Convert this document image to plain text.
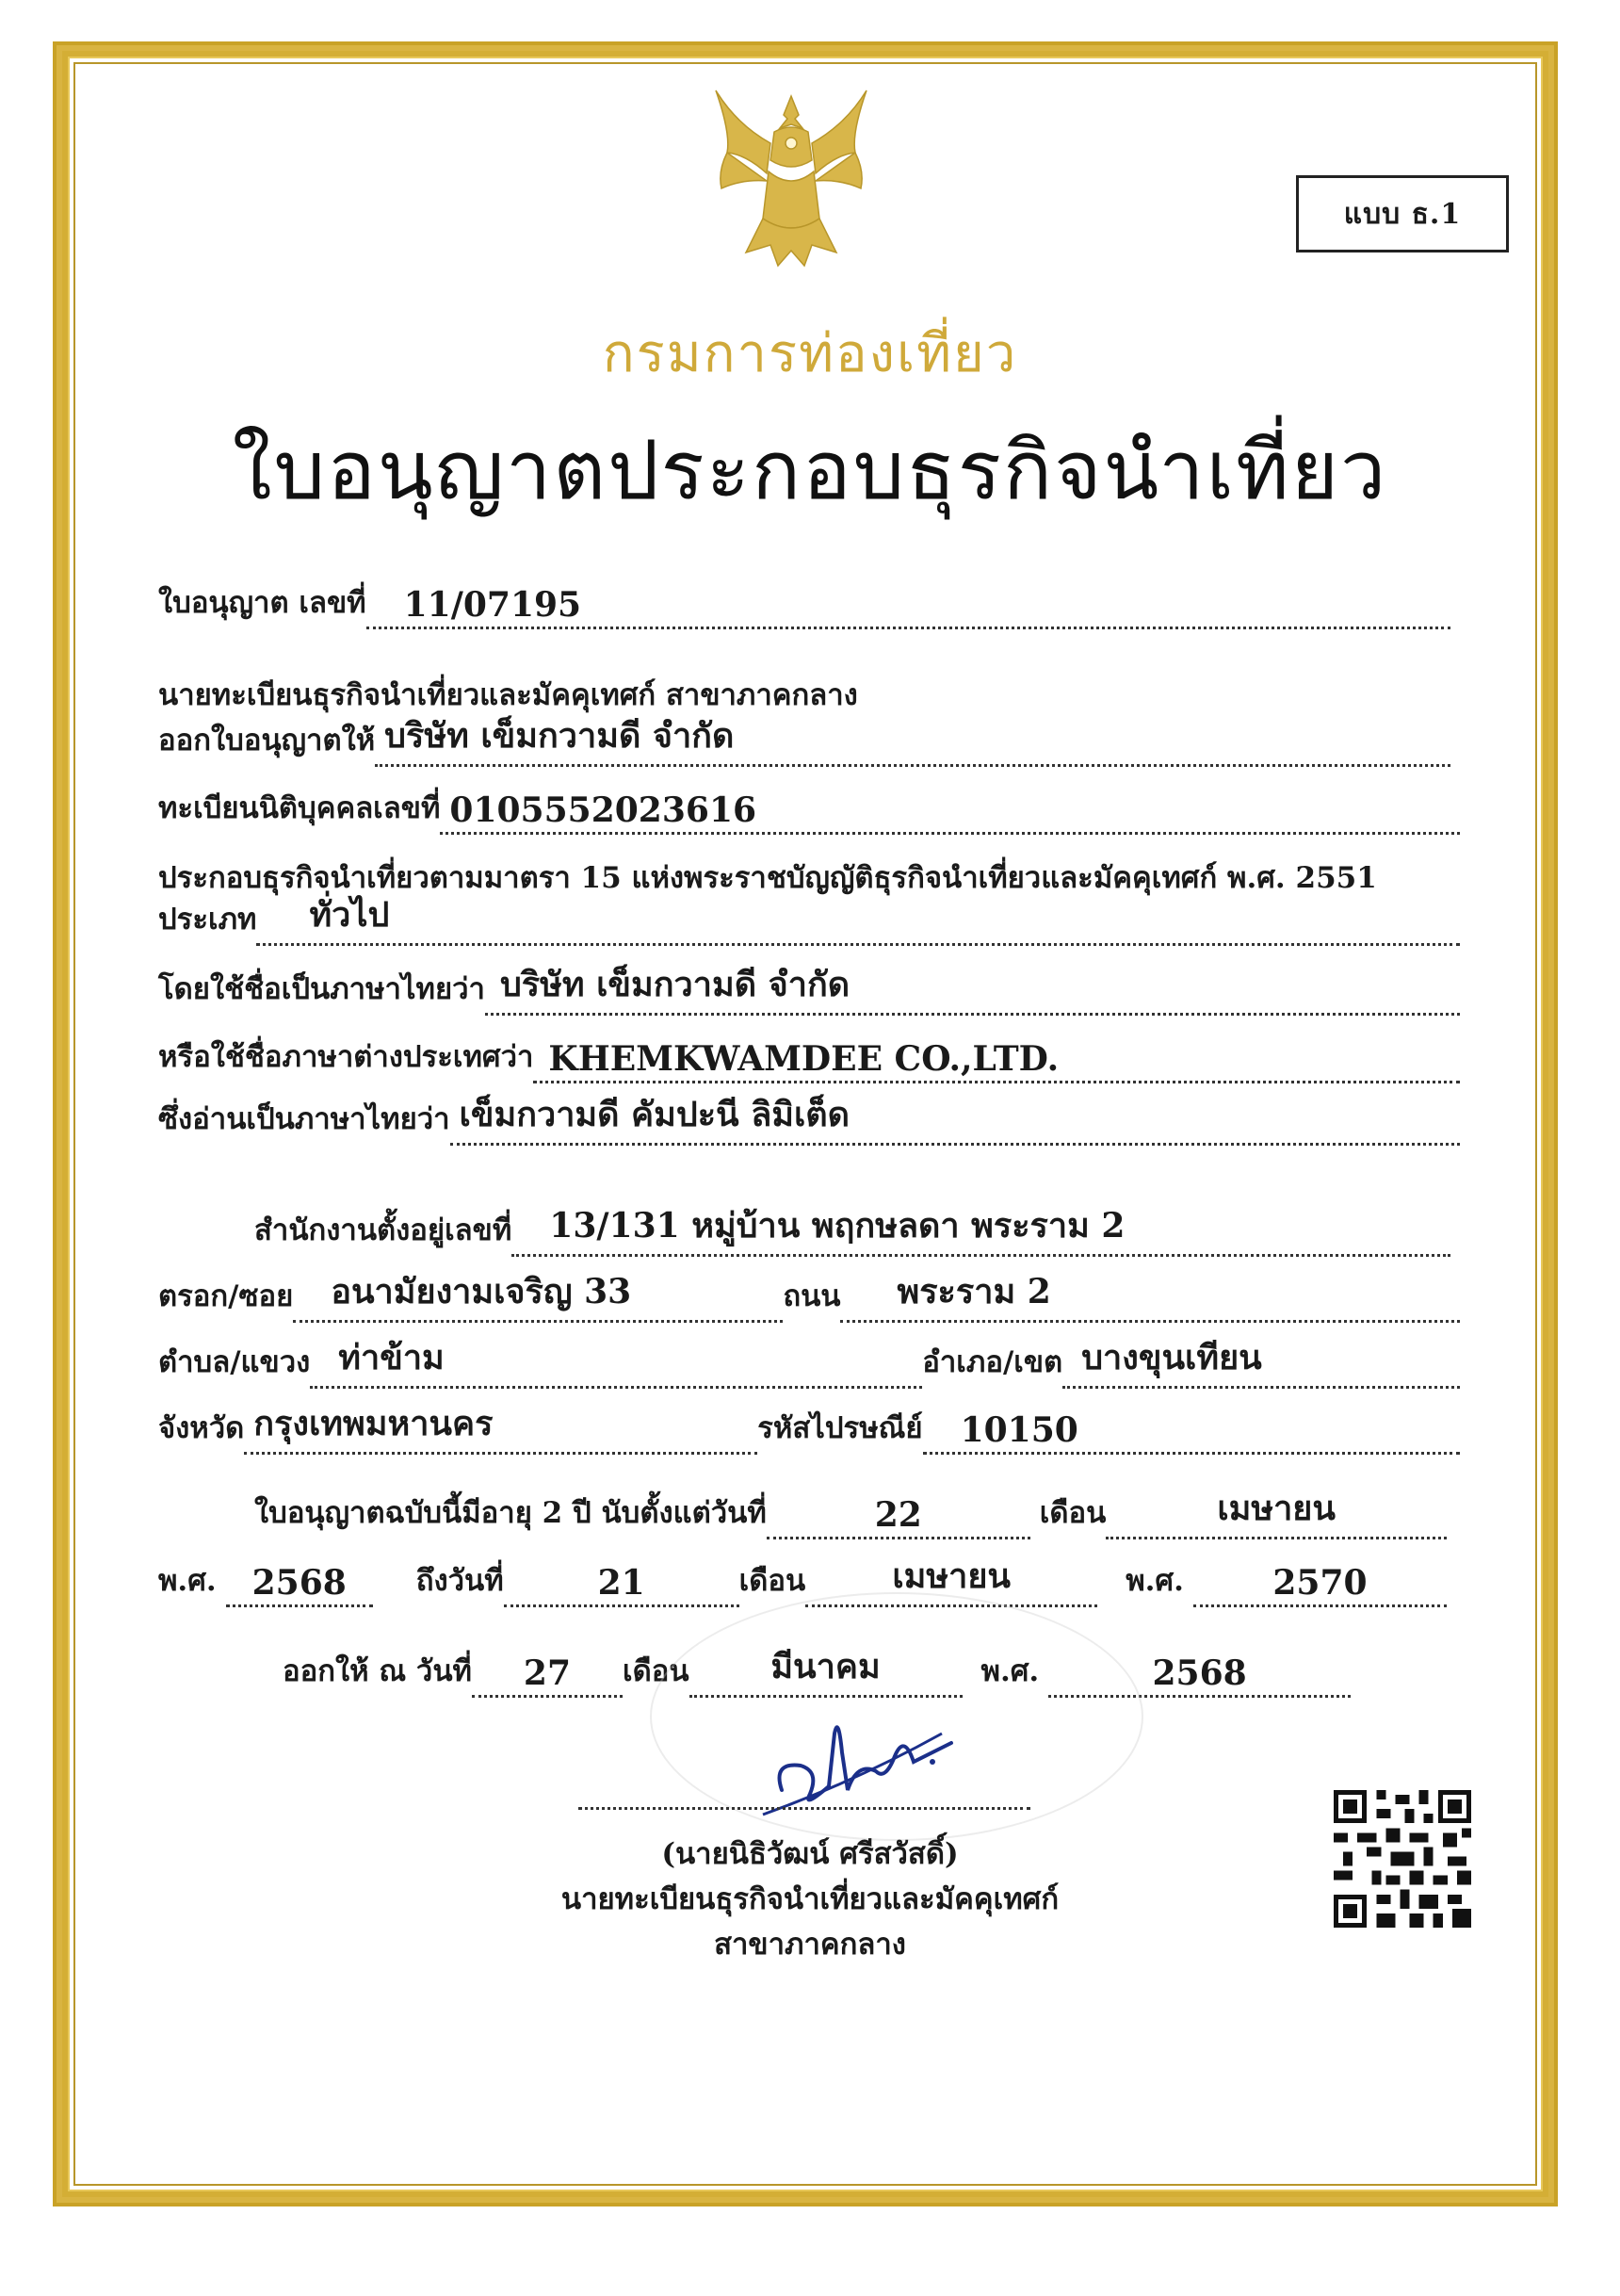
แบบ ธ.1
กรมการท่องเที่ยว
ใบอนุญาตประกอบธุรกิจนำเที่ยว
ใบอนุญาต เลขที่	11/07195
นายทะเบียนธุรกิจนำเที่ยวและมัคคุเทศก์ สาขาภาคกลาง
ออกใบอนุญาตให้ บริษัท เข็มกวามดี จำกัด
ทะเบียนนิติบุคคลเลขที่ 0105552023616
ประกอบธุรกิจนำเที่ยวตามมาตรา 15 แห่งพระราชบัญญัติธุรกิจนำเที่ยวและมัคคุเทศก์ พ.ศ. 2551
ประเภท	ทั่วไป
โดยใช้ชื่อเป็นภาษาไทยว่า บริษัท เข็มกวามดี จำกัด
หรือใช้ชื่อภาษาต่างประเทศว่า KHEMKWAMDEE CO.,LTD.
ซึ่งอ่านเป็นภาษาไทยว่า เข็มกวามดี คัมปะนี ลิมิเต็ด
สำนักงานตั้งอยู่เลขที่	13/131 หมู่บ้าน พฤกษลดา พระราม 2
ตรอก/ซอย	อนามัยงามเจริญ 33	ถนน	พระราม 2
ตำบล/แขวง ท่าข้าม	อำเภอ/เขต บางขุนเทียน
จังหวัด กรุงเทพมหานคร	รหัสไปรษณีย์	10150
ใบอนุญาตฉบับนี้มีอายุ 2 ปี นับตั้งแต่วันที่	22	เดือน	เมษายน
พ.ศ.	2568	ถึงวันที่	21	เดือน	เมษายน	พ.ศ.	2570
ออกให้ ณ วันที่	27	เดือน	มีนาคม	พ.ศ.	2568
(นายนิธิวัฒน์ ศรีสวัสดิ์)
นายทะเบียนธุรกิจนำเที่ยวและมัคคุเทศก์
สาขาภาคกลาง
